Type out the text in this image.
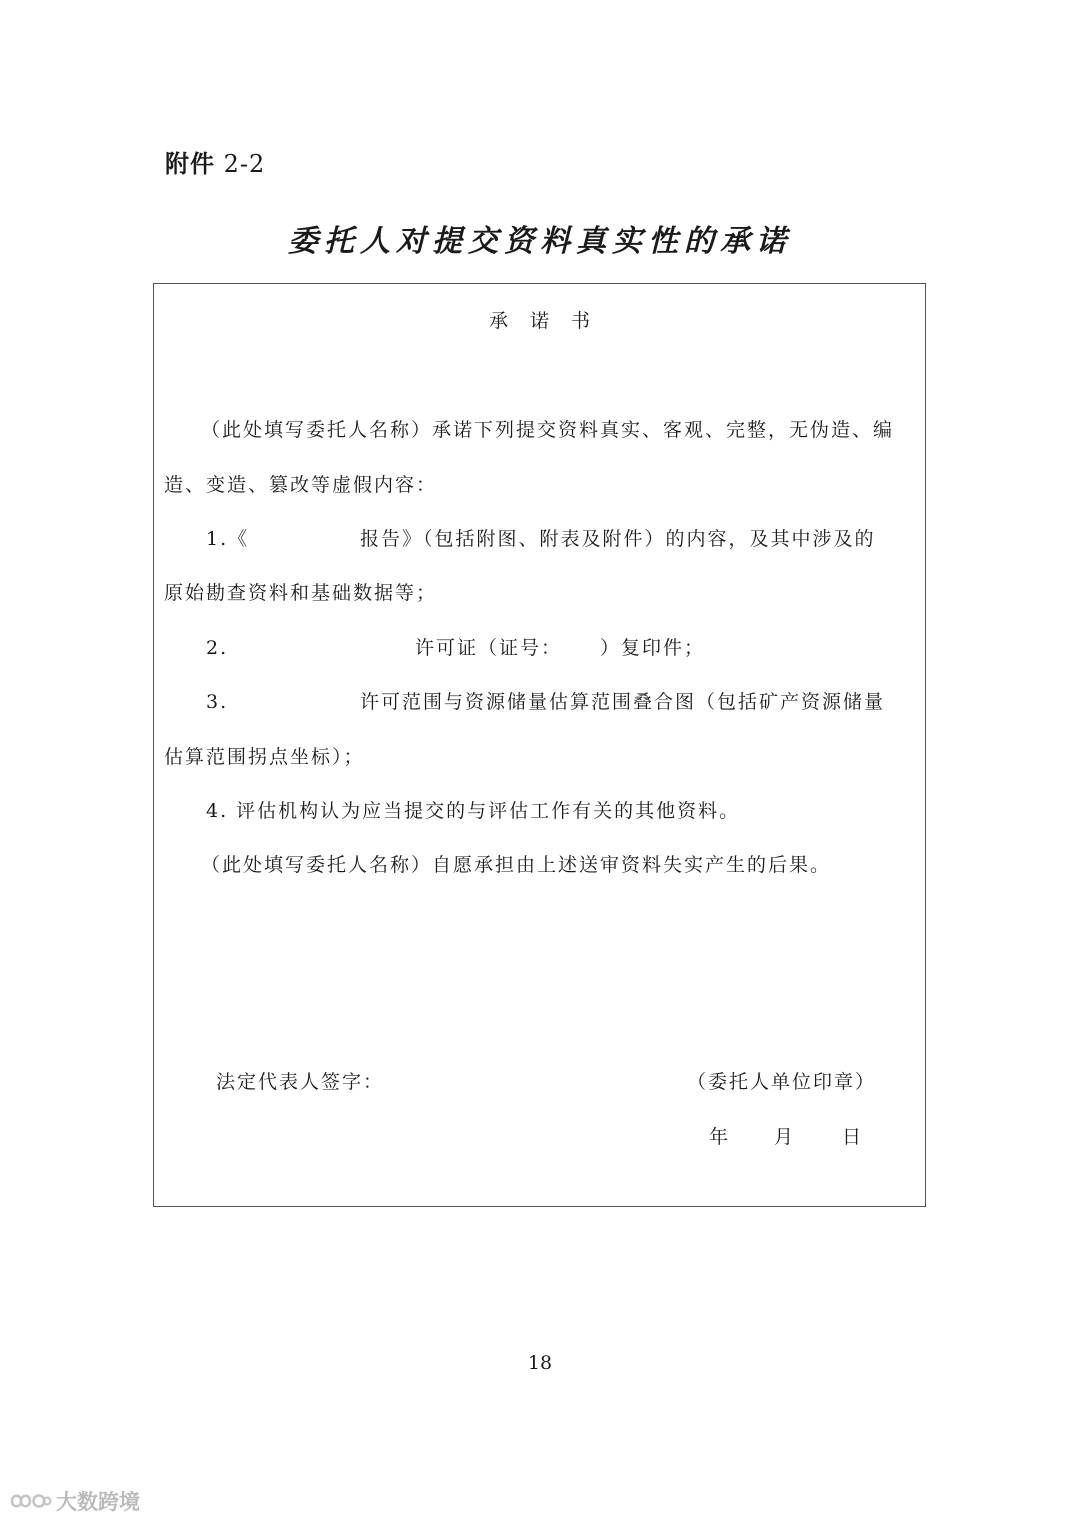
附件 2-2
委托人对提交资料真实性的承诺
承诺书
（此处填写委托人名称）承诺下列提交资料真实、客观、完整，无伪造、编
造、变造、篡改等虚假内容：
1.《	报告》（包括附图、附表及附件）的内容，及其中涉及的
原始勘查资料和基础数据等；
2.	许可证（证号： ）复印件；
3.	许可范围与资源储量估算范围叠合图（包括矿产资源储量
估算范围拐点坐标）；
4. 评估机构认为应当提交的与评估工作有关的其他资料。
（此处填写委托人名称）自愿承担由上述送审资料失实产生的后果。
法定代表人签字：	（委托人单位印章）
年 月 日
18
大数跨境
